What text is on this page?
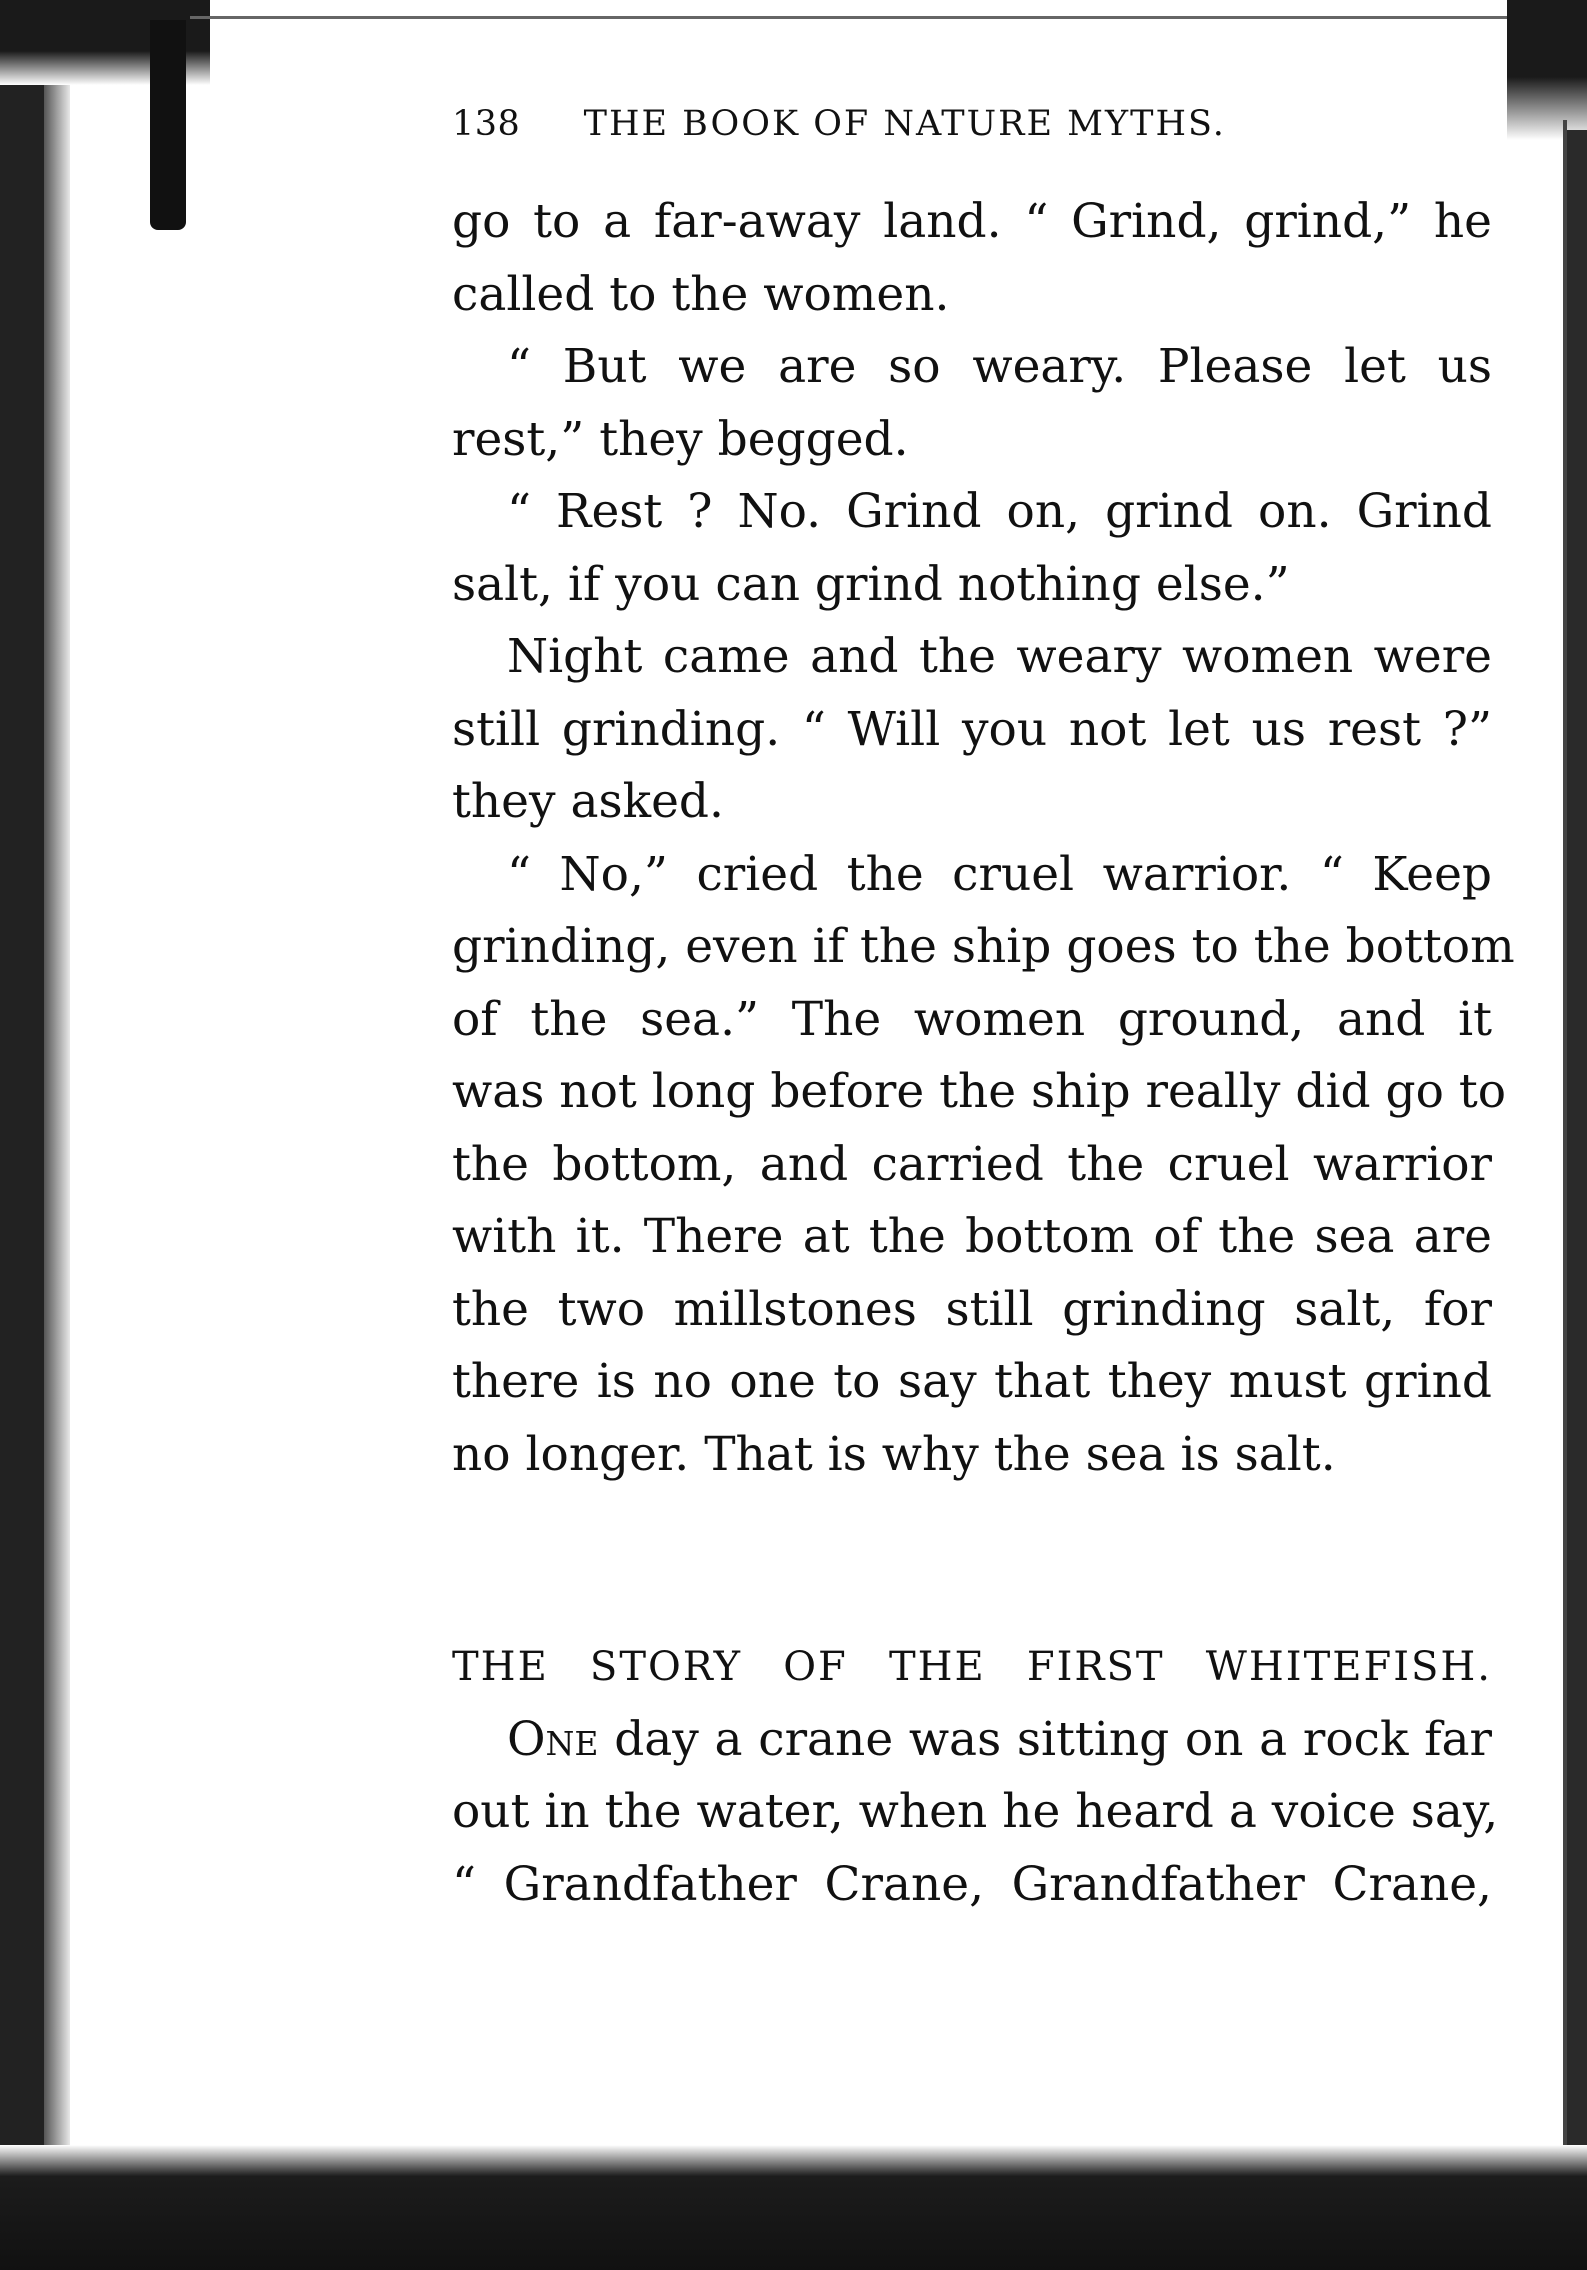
138 THE BOOK OF NATURE MYTHS.
go to a far-away land. “ Grind, grind,” he
called to the women.
“ But we are so weary. Please let us
rest,” they begged.
“ Rest ? No. Grind on, grind on. Grind
salt, if you can grind nothing else.”
Night came and the weary women were
still grinding. “ Will you not let us rest ?”
they asked.
“ No,” cried the cruel warrior. “ Keep
grinding, even if the ship goes to the bottom
of the sea.” The women ground, and it
was not long before the ship really did go to
the bottom, and carried the cruel warrior
with it. There at the bottom of the sea are
the two millstones still grinding salt, for
there is no one to say that they must grind
no longer. That is why the sea is salt.
THE STORY OF THE FIRST WHITEFISH.
One day a crane was sitting on a rock far
out in the water, when he heard a voice say,
“ Grandfather Crane, Grandfather Crane,
